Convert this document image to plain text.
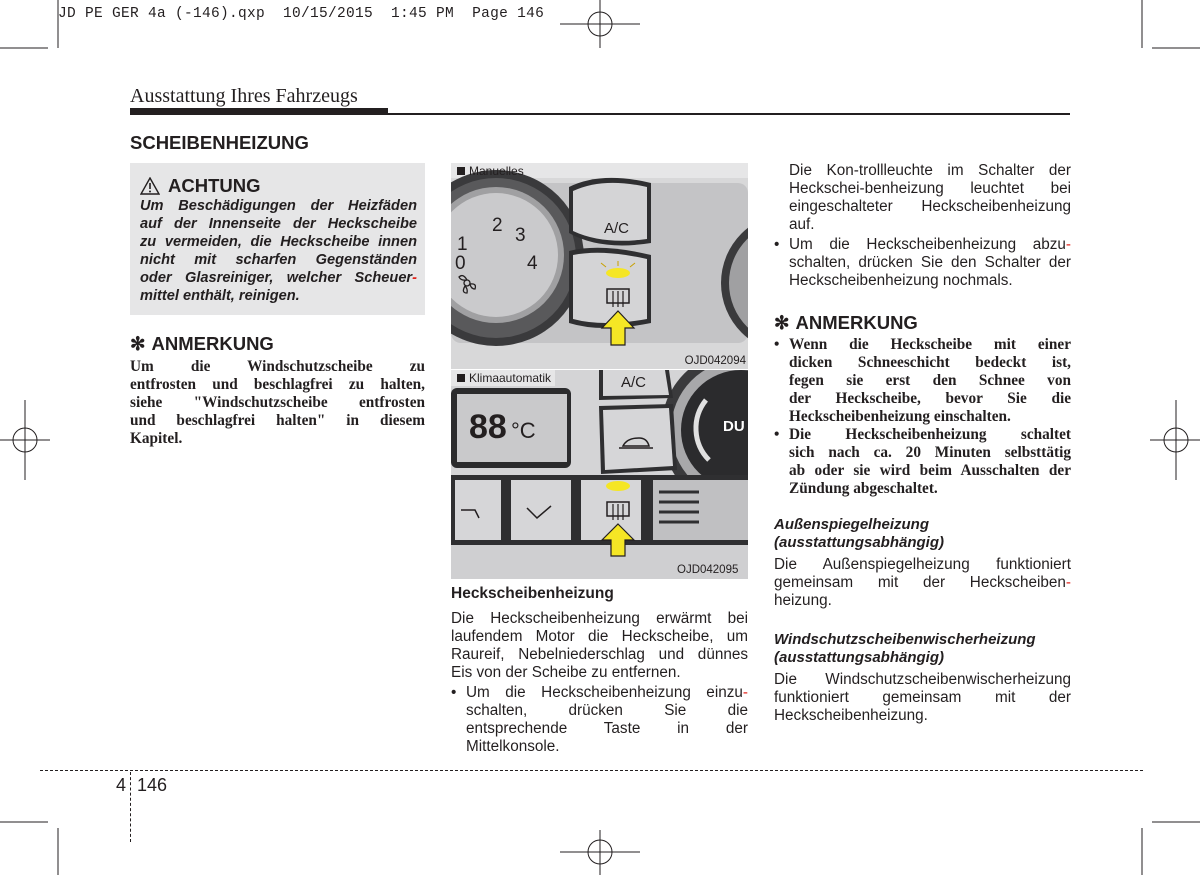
JD PE GER 4a (-146).qxp  10/15/2015  1:45 PM  Page 146
Ausstattung Ihres Fahrzeugs
SCHEIBENHEIZUNG
ACHTUNG
Um Beschädigungen der Heizfäden
auf der Innenseite der Heckscheibe
zu vermeiden, die Heckscheibe innen
nicht mit scharfen Gegenständen
oder Glasreiniger, welcher Scheuer-
mittel enthält, reinigen.
✻ ANMERKUNG
Um die Windschutzscheibe zu
entfrosten und beschlagfrei zu halten,
siehe "Windschutzscheibe entfrosten
und beschlagfrei halten" in diesem
Kapitel.
1
2 3
0	4
A/C
Manuelles
OJD042094
88 °C
A/C
DU
Klimaautomatik
OJD042095
Heckscheibenheizung
Die Heckscheibenheizung erwärmt bei
laufendem Motor die Heckscheibe, um
Raureif, Nebelniederschlag und dünnes
Eis von der Scheibe zu entfernen.
• Um die Heckscheibenheizung einzu-
schalten, drücken Sie die
entsprechende Taste in der
Mittelkonsole.
Die Kon-trollleuchte im Schalter der
Heckschei-benheizung leuchtet bei
eingeschalteter Heckscheibenheizung
auf.
• Um die Heckscheibenheizung abzu-
schalten, drücken Sie den Schalter der
Heckscheibenheizung nochmals.
✻ ANMERKUNG
• Wenn die Heckscheibe mit einer
dicken Schneeschicht bedeckt ist,
fegen sie erst den Schnee von
der Heckscheibe, bevor Sie die
Heckscheibenheizung einschalten.
• Die Heckscheibenheizung schaltet
sich nach ca. 20 Minuten selbsttätig
ab oder sie wird beim Ausschalten der
Zündung abgeschaltet.
Außenspiegelheizung
(ausstattungsabhängig)
Die Außenspiegelheizung funktioniert
gemeinsam mit der Heckscheiben-
heizung.
Windschutzscheibenwischerheizung
(ausstattungsabhängig)
Die Windschutzscheibenwischerheizung
funktioniert gemeinsam mit der
Heckscheibenheizung.
4 146
